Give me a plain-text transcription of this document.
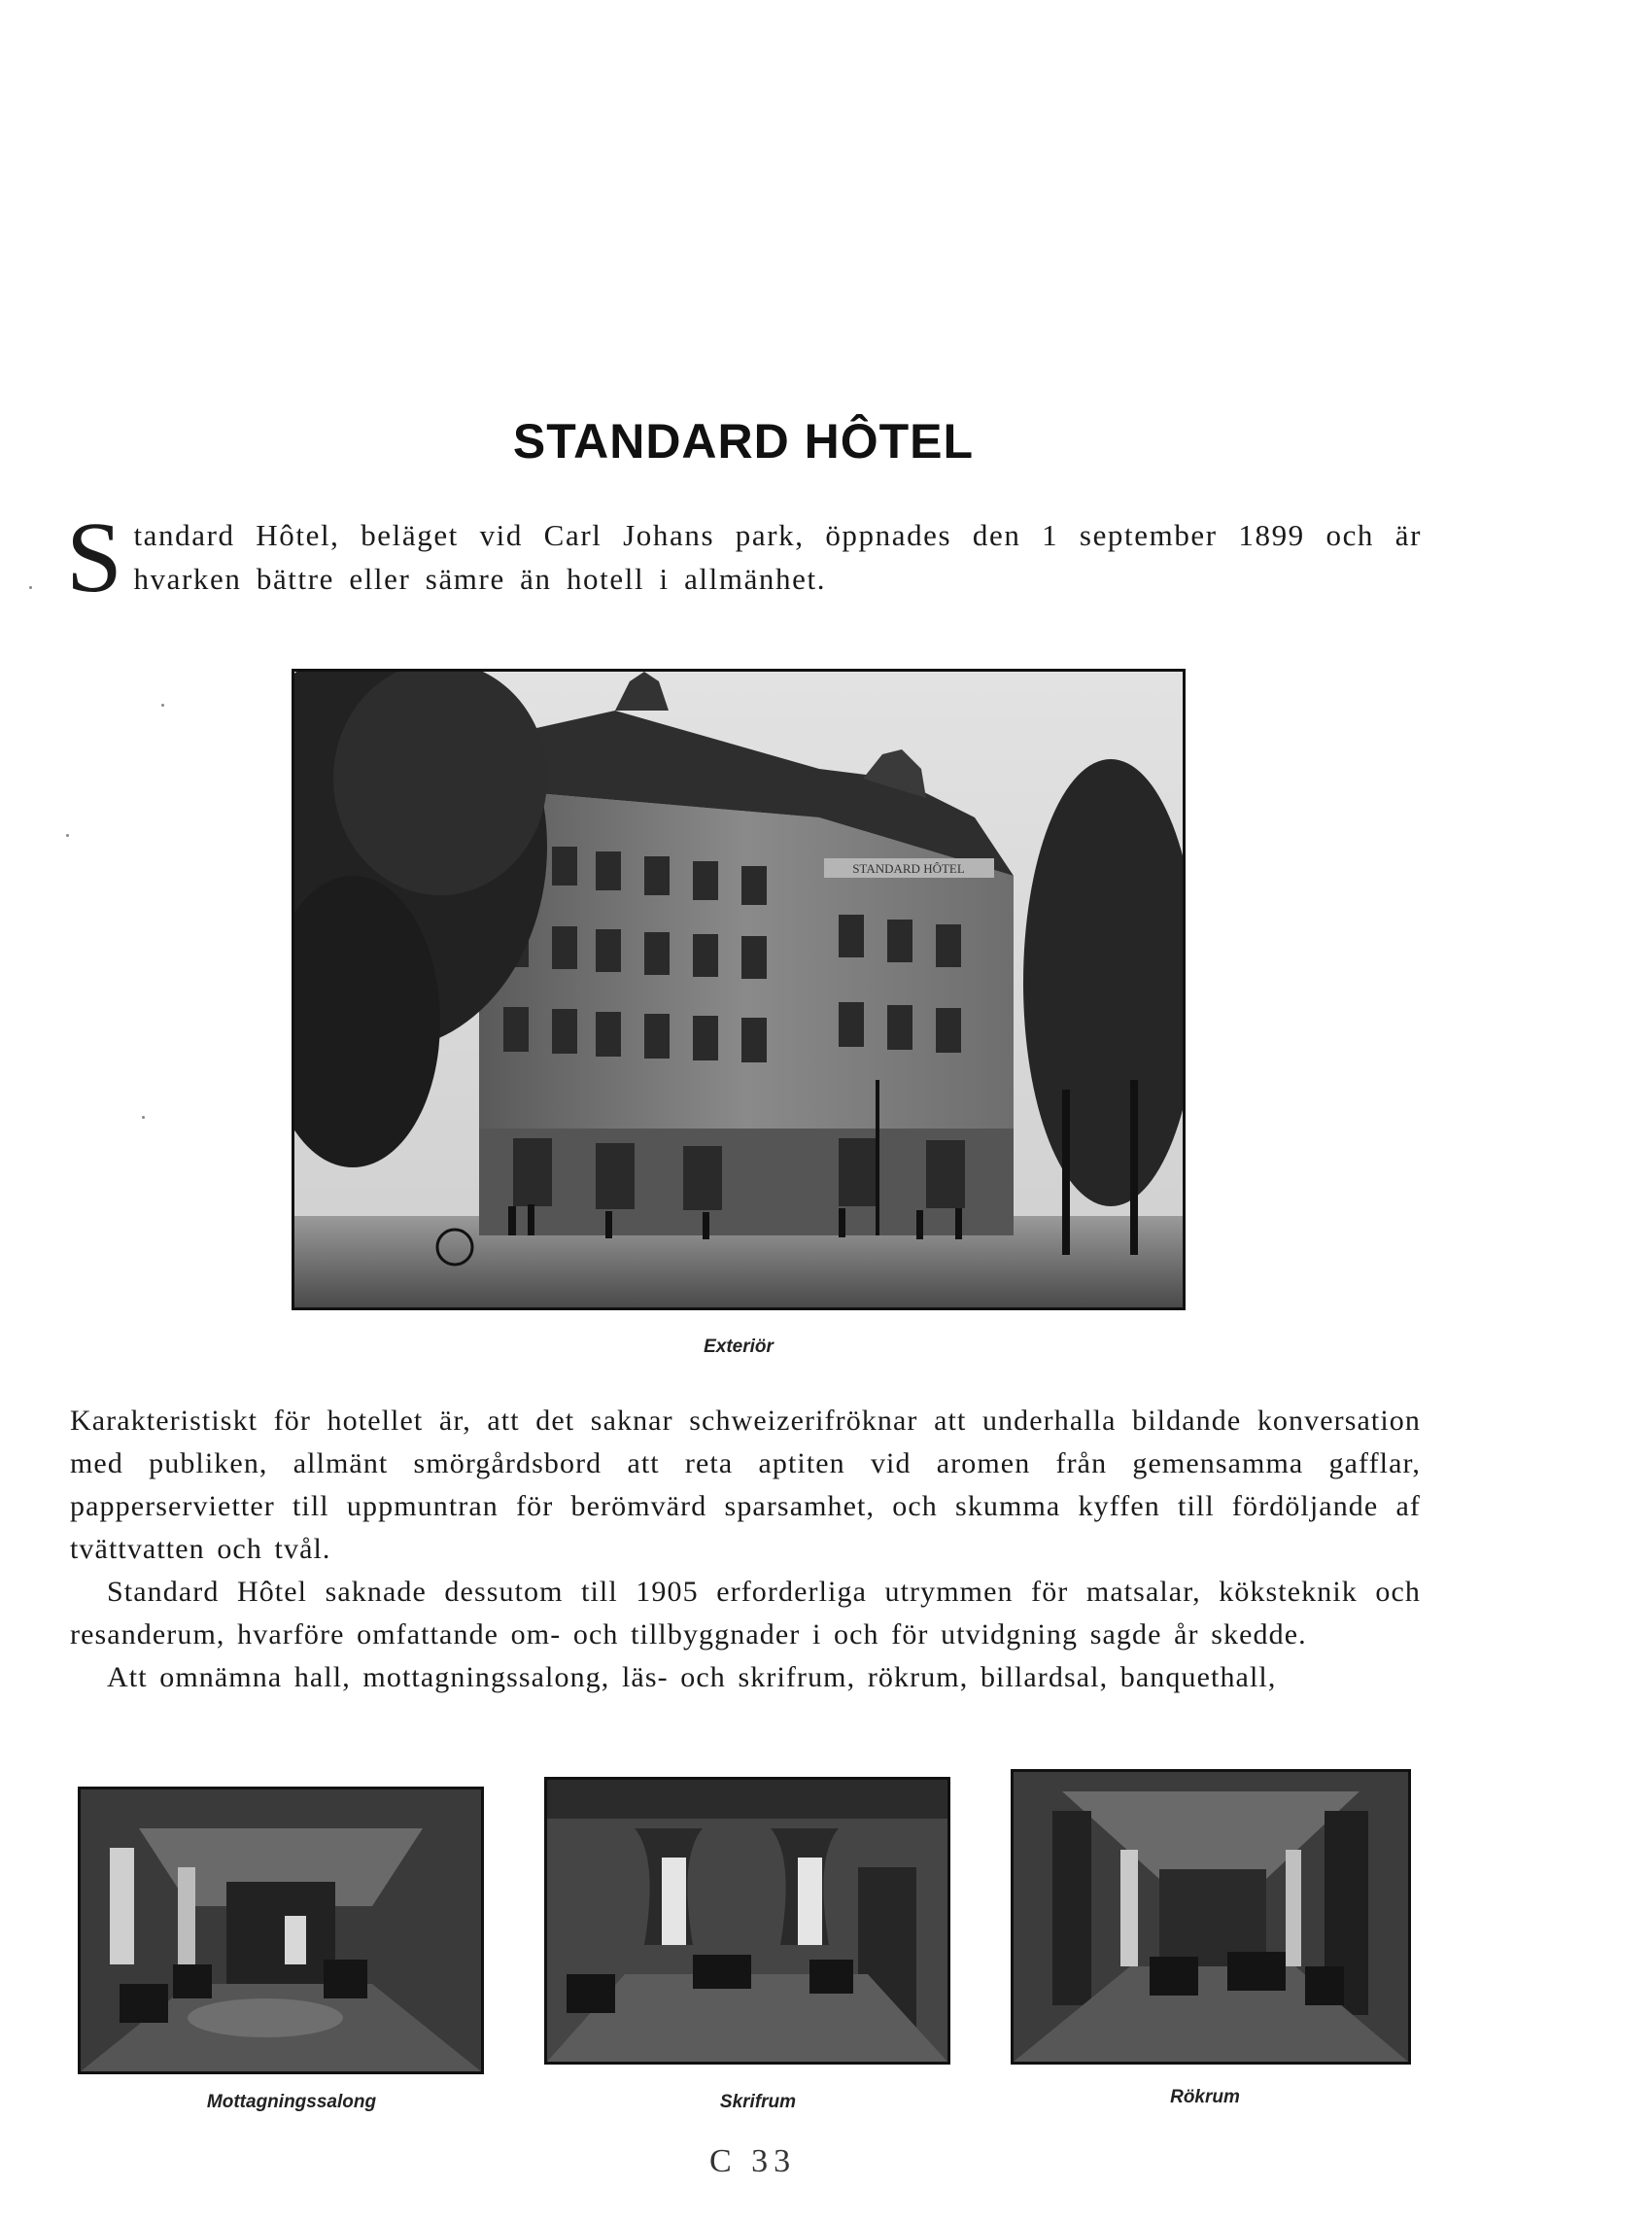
STANDARD HÔTEL
Standard Hôtel, beläget vid Carl Johans park, öppnades den 1 september 1899 och är hvarken bättre eller sämre än hotell i allmänhet.
STANDARD HÔTEL
Exteriör

Karakteristiskt för hotellet är, att det saknar schweizerifröknar att underhalla bildande konversation med publiken, allmänt smörgårdsbord att reta aptiten vid aromen från gemensamma gafflar, papperservietter till uppmuntran för berömvärd sparsamhet, och skumma kyffen till fördöljande af tvättvatten och tvål.

Standard Hôtel saknade dessutom till 1905 erforderliga utrymmen för matsalar, köksteknik och resanderum, hvarföre omfattande om- och tillbyggnader i och för utvidgning sagde år skedde.

Att omnämna hall, mottagningssalong, läs- och skrifrum, rökrum, billardsal, banquethall,

Mottagningssalong	Skrifrum	Rökrum
C 33
